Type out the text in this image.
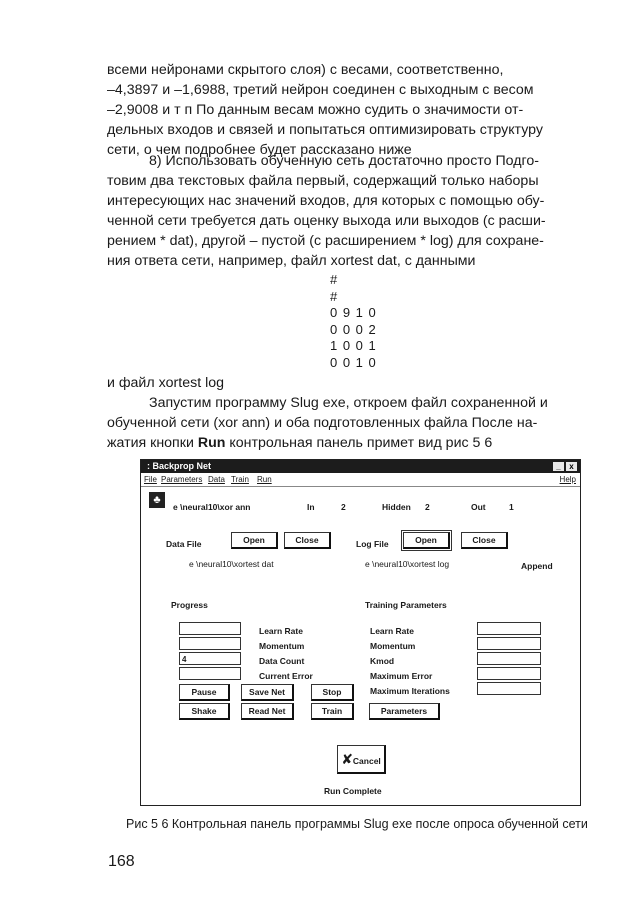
всеми нейронами скрытого слоя) с весами, соответственно,
–4,3897 и –1,6988, третий нейрон соединен с выходным с весом
–2,9008 и т п По данным весам можно судить о значимости от-
дельных входов и связей и попытаться оптимизировать структуру
сети, о чем подробнее будет рассказано ниже
8) Использовать обученную сеть достаточно просто Подго-
товим два текстовых файла первый, содержащий только наборы
интересующих нас значений входов, для которых с помощью обу-
ченной сети требуется дать оценку выхода или выходов (с расши-
рением * dat), другой – пустой (с расширением * log) для сохране-
ния ответа сети, например, файл xortest dat, с данными
#
#
0 9 1 0
0 0 0 2
1 0 0 1
0 0 1 0
и файл xortest log
Запустим программу Slug exe, откроем файл сохраненной и
обученной сети (xor ann) и оба подготовленных файла После на-
жатия кнопки Run контрольная панель примет вид рис 5 6
: Backprop Net	_	x
File Parameters Data Train Run	Help
♣
e \neural10\xor ann	In	2	Hidden 2	Out	1
Data File	Open	Close	Log File	Open	Close
e \neural10\xortest dat	e \neural10\xortest log	Append
Progress	Training Parameters
4
Learn Rate
Momentum
Data Count
Current Error
Learn Rate
Momentum
Kmod
Maximum Error
Maximum Iterations
Pause	Save Net	Stop
Shake	Read Net	Train	Parameters
✘Cancel
Run Complete
Рис 5 6 Контрольная панель программы Slug exe после опроса обученной сети
168
